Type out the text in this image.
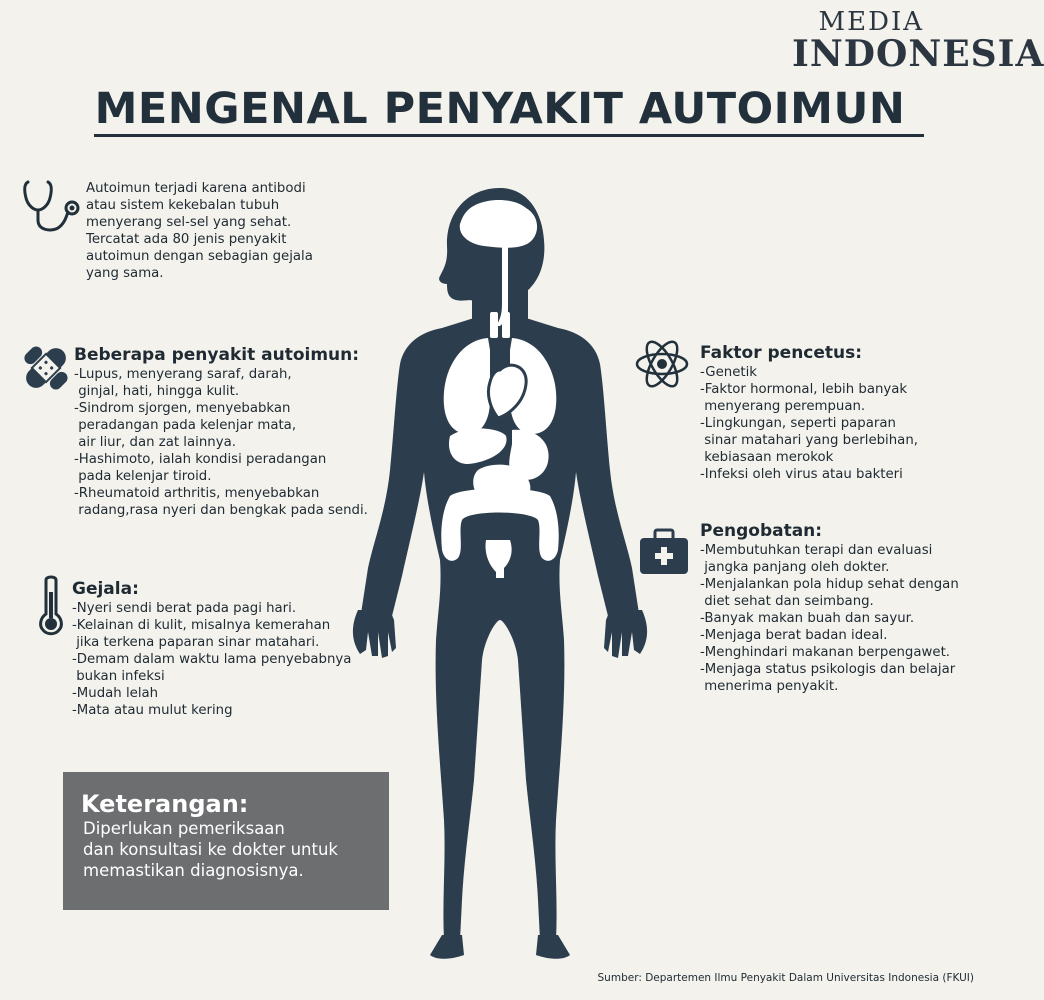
MEDIA
INDONESIA
MENGENAL PENYAKIT AUTOIMUN
Autoimun terjadi karena antibodi
atau sistem kekebalan tubuh
menyerang sel-sel yang sehat.
Tercatat ada 80 jenis penyakit
autoimun dengan sebagian gejala
yang sama.
Beberapa penyakit autoimun:
-Lupus, menyerang saraf, darah,
ginjal, hati, hingga kulit.
-Sindrom sjorgen, menyebabkan
peradangan pada kelenjar mata,
air liur, dan zat lainnya.
-Hashimoto, ialah kondisi peradangan
pada kelenjar tiroid.
-Rheumatoid arthritis, menyebabkan
radang,rasa nyeri dan bengkak pada sendi.
Gejala:
-Nyeri sendi berat pada pagi hari.
-Kelainan di kulit, misalnya kemerahan
jika terkena paparan sinar matahari.
-Demam dalam waktu lama penyebabnya
bukan infeksi
-Mudah lelah
-Mata atau mulut kering
Faktor pencetus:
-Genetik
-Faktor hormonal, lebih banyak
menyerang perempuan.
-Lingkungan, seperti paparan
sinar matahari yang berlebihan,
kebiasaan merokok
-Infeksi oleh virus atau bakteri
Pengobatan:
-Membutuhkan terapi dan evaluasi
jangka panjang oleh dokter.
-Menjalankan pola hidup sehat dengan
diet sehat dan seimbang.
-Banyak makan buah dan sayur.
-Menjaga berat badan ideal.
-Menghindari makanan berpengawet.
-Menjaga status psikologis dan belajar
menerima penyakit.
Keterangan:
Diperlukan pemeriksaan
dan konsultasi ke dokter untuk
memastikan diagnosisnya.
Sumber: Departemen Ilmu Penyakit Dalam Universitas Indonesia (FKUI)
